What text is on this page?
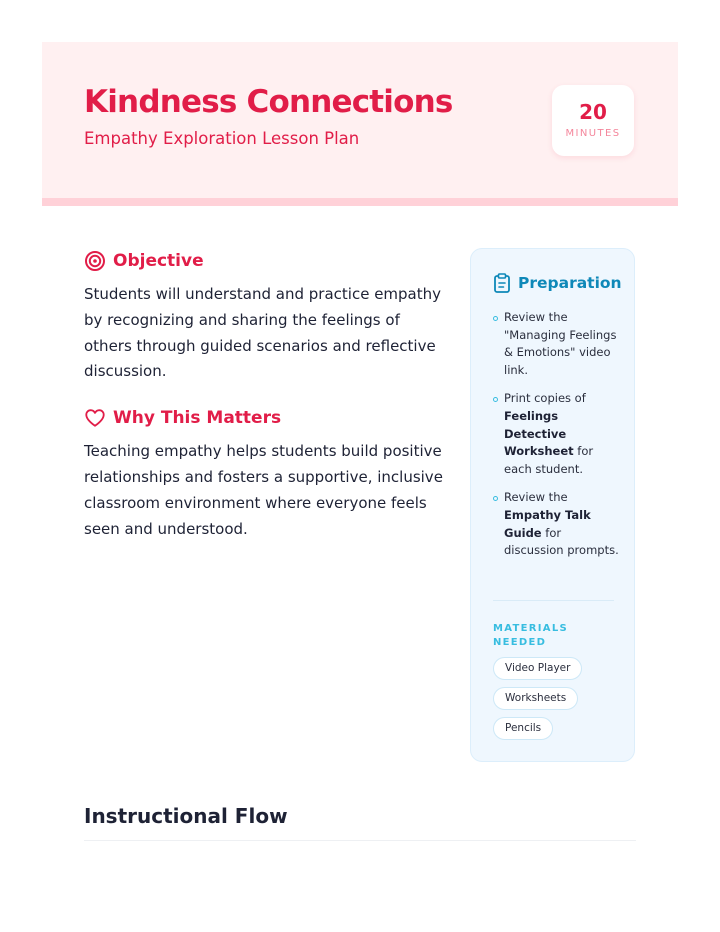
Kindness Connections
Empathy Exploration Lesson Plan
20
MINUTES
Objective

Students will understand and practice empathy by recognizing and sharing the feelings of others through guided scenarios and reflective discussion.

Why This Matters

Teaching empathy helps students build positive relationships and fosters a supportive, inclusive classroom environment where everyone feels seen and understood.

Preparation
Review the "Managing Feelings & Emotions" video link.
Print copies of Feelings Detective Worksheet for each student.
Review the Empathy Talk Guide for discussion prompts.
MATERIALS NEEDED
Video Player
Worksheets
Pencils
Instructional Flow
